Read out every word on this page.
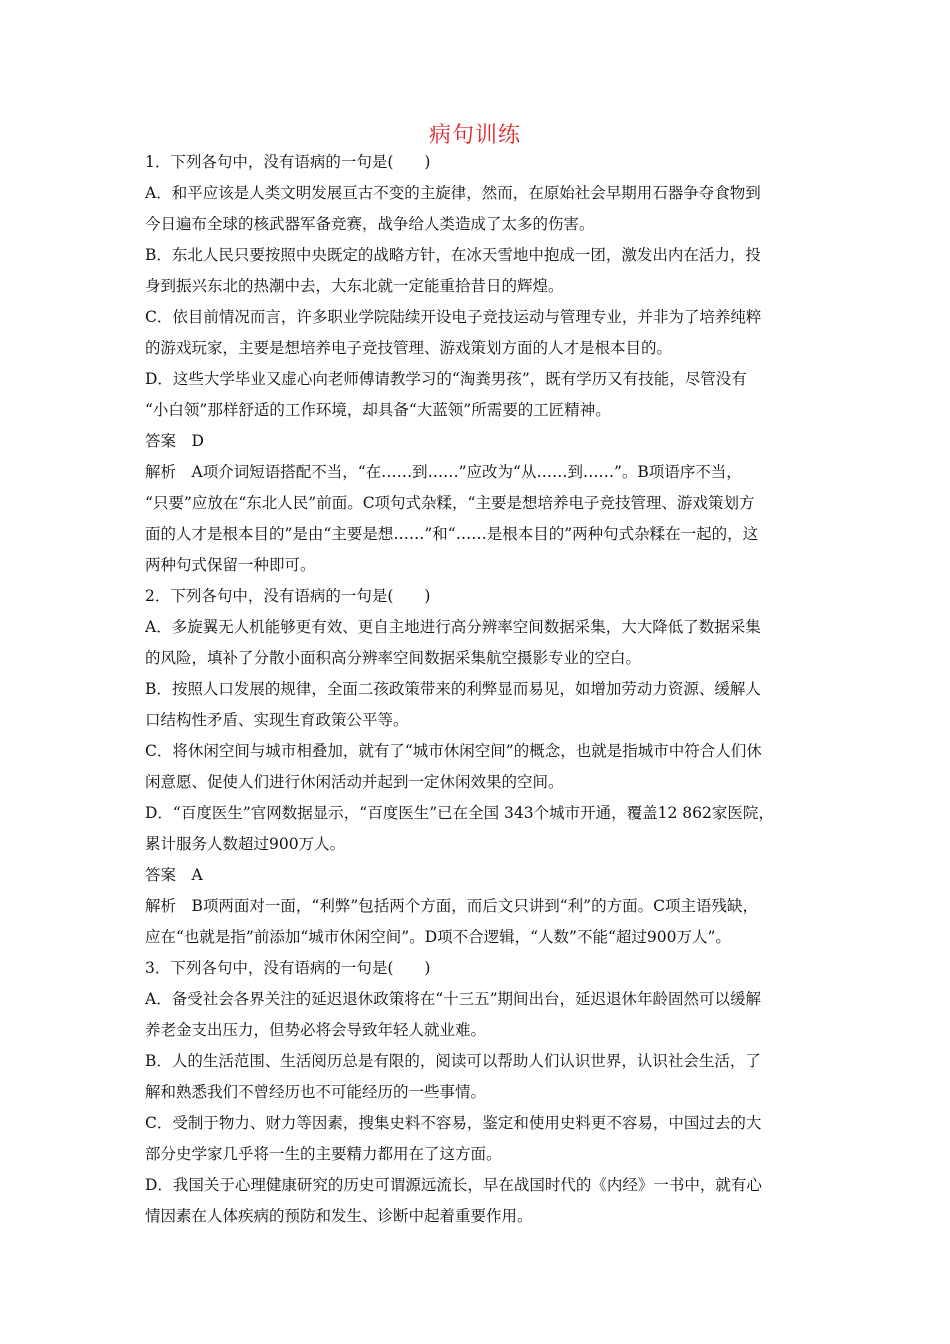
病句训练
1．下列各句中，没有语病的一句是(　　)
A．和平应该是人类文明发展亘古不变的主旋律，然而，在原始社会早期用石器争夺食物到
今日遍布全球的核武器军备竞赛，战争给人类造成了太多的伤害。
B．东北人民只要按照中央既定的战略方针，在冰天雪地中抱成一团，激发出内在活力，投
身到振兴东北的热潮中去，大东北就一定能重拾昔日的辉煌。
C．依目前情况而言，许多职业学院陆续开设电子竞技运动与管理专业，并非为了培养纯粹
的游戏玩家，主要是想培养电子竞技管理、游戏策划方面的人才是根本目的。
D．这些大学毕业又虚心向老师傅请教学习的“淘粪男孩”，既有学历又有技能，尽管没有
“小白领”那样舒适的工作环境，却具备“大蓝领”所需要的工匠精神。
答案　D
解析　A项介词短语搭配不当，“在……到……”应改为“从……到……”。B项语序不当，
“只要”应放在“东北人民”前面。C项句式杂糅，“主要是想培养电子竞技管理、游戏策划方
面的人才是根本目的”是由“主要是想……”和“……是根本目的”两种句式杂糅在一起的，这
两种句式保留一种即可。
2．下列各句中，没有语病的一句是(　　)
A．多旋翼无人机能够更有效、更自主地进行高分辨率空间数据采集，大大降低了数据采集
的风险，填补了分散小面积高分辨率空间数据采集航空摄影专业的空白。
B．按照人口发展的规律，全面二孩政策带来的利弊显而易见，如增加劳动力资源、缓解人
口结构性矛盾、实现生育政策公平等。
C．将休闲空间与城市相叠加，就有了“城市休闲空间”的概念，也就是指城市中符合人们休
闲意愿、促使人们进行休闲活动并起到一定休闲效果的空间。
D．“百度医生”官网数据显示，“百度医生”已在全国 343个城市开通，覆盖12 862家医院，
累计服务人数超过900万人。
答案　A
解析　B项两面对一面，“利弊”包括两个方面，而后文只讲到“利”的方面。C项主语残缺，
应在“也就是指”前添加“城市休闲空间”。D项不合逻辑，“人数”不能“超过900万人”。
3．下列各句中，没有语病的一句是(　　)
A．备受社会各界关注的延迟退休政策将在“十三五”期间出台，延迟退休年龄固然可以缓解
养老金支出压力，但势必将会导致年轻人就业难。
B．人的生活范围、生活阅历总是有限的，阅读可以帮助人们认识世界，认识社会生活，了
解和熟悉我们不曾经历也不可能经历的一些事情。
C．受制于物力、财力等因素，搜集史料不容易，鉴定和使用史料更不容易，中国过去的大
部分史学家几乎将一生的主要精力都用在了这方面。
D．我国关于心理健康研究的历史可谓源远流长，早在战国时代的《内经》一书中，就有心
情因素在人体疾病的预防和发生、诊断中起着重要作用。
